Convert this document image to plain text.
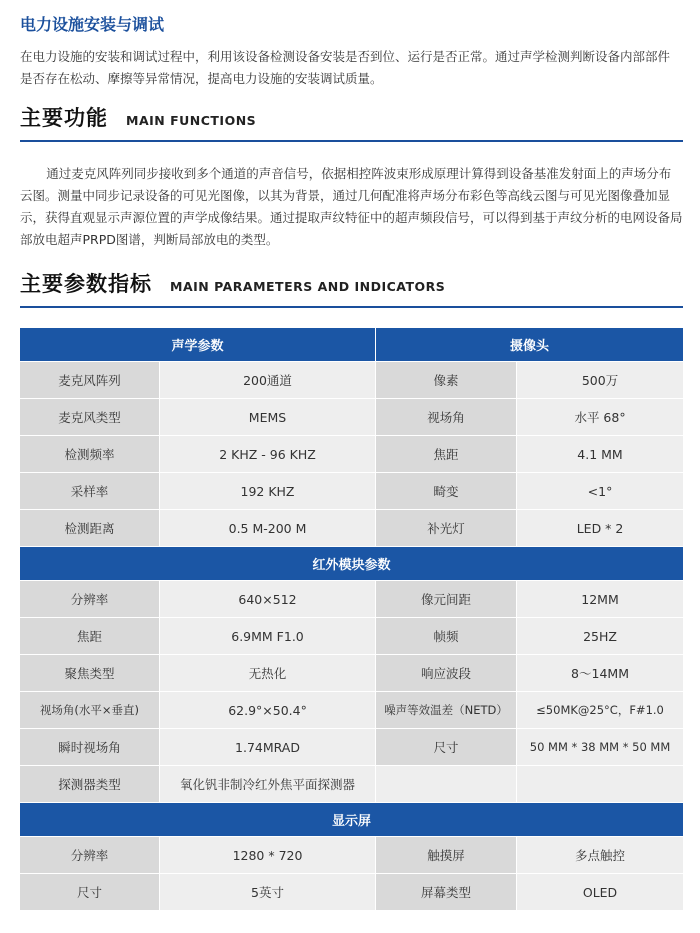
电力设施安装与调试

在电力设施的安装和调试过程中，利用该设备检测设备安装是否到位、运行是否正常。通过声学检测判断设备内部部件是否存在松动、摩擦等异常情况，提高电力设施的安装调试质量。

主要功能 MAIN FUNCTIONS

通过麦克风阵列同步接收到多个通道的声音信号，依据相控阵波束形成原理计算得到设备基准发射面上的声场分布云图。测量中同步记录设备的可见光图像，以其为背景，通过几何配准将声场分布彩色等高线云图与可见光图像叠加显示，获得直观显示声源位置的声学成像结果。通过提取声纹特征中的超声频段信号，可以得到基于声纹分析的电网设备局部放电超声PRPD图谱，判断局部放电的类型。

主要参数指标 MAIN PARAMETERS AND INDICATORS
声学参数		摄像头	
麦克风阵列	200通道	像素	500万
麦克风类型	MEMS	视场角	水平 68°
检测频率	2 KHZ - 96 KHZ	焦距	4.1 MM
采样率	192 KHZ	畸变	<1°
检测距离	0.5 M-200 M	补光灯	LED * 2
红外模块参数			
分辨率	640×512	像元间距	12MM
焦距	6.9MM F1.0	帧频	25HZ
聚焦类型	无热化	响应波段	8～14MM
视场角(水平×垂直)	62.9°×50.4°	噪声等效温差（NETD）	≤50MK@25°C，F#1.0
瞬时视场角	1.74MRAD	尺寸	50 MM * 38 MM * 50 MM
探测器类型	氧化钒非制冷红外焦平面探测器		
显示屏			
分辨率	1280 * 720	触摸屏	多点触控
尺寸	5英寸	屏幕类型	OLED
